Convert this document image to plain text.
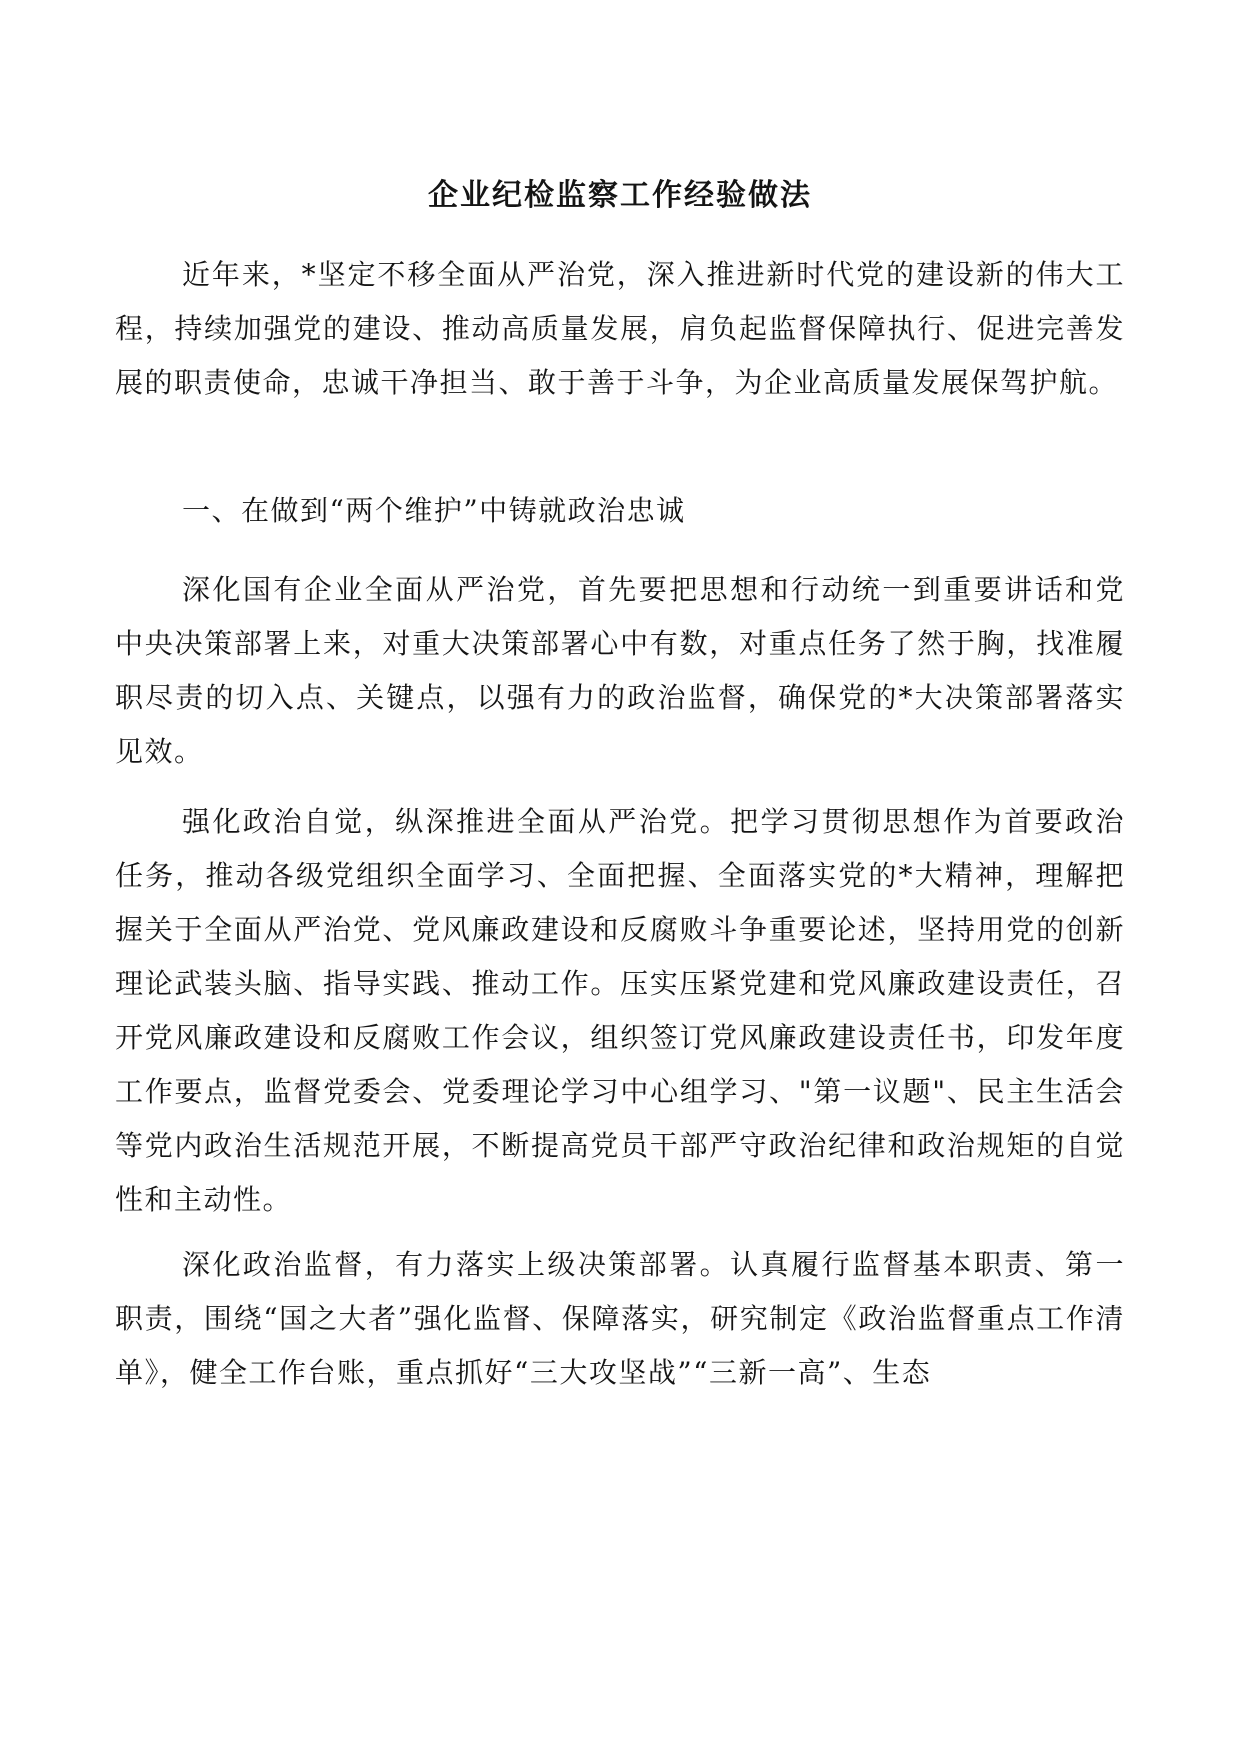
企业纪检监察工作经验做法

近年来，*坚定不移全面从严治党，深入推进新时代党的建设新的伟大工程，持续加强党的建设、推动高质量发展，肩负起监督保障执行、促进完善发展的职责使命，忠诚干净担当、敢于善于斗争，为企业高质量发展保驾护航。

一、在做到“两个维护”中铸就政治忠诚

深化国有企业全面从严治党，首先要把思想和行动统一到重要讲话和党中央决策部署上来，对重大决策部署心中有数，对重点任务了然于胸，找准履职尽责的切入点、关键点，以强有力的政治监督，确保党的*大决策部署落实见效。

强化政治自觉，纵深推进全面从严治党。把学习贯彻思想作为首要政治任务，推动各级党组织全面学习、全面把握、全面落实党的*大精神，理解把握关于全面从严治党、党风廉政建设和反腐败斗争重要论述，坚持用党的创新理论武装头脑、指导实践、推动工作。压实压紧党建和党风廉政建设责任，召开党风廉政建设和反腐败工作会议，组织签订党风廉政建设责任书，印发年度工作要点，监督党委会、党委理论学习中心组学习、"第一议题"、民主生活会等党内政治生活规范开展，不断提高党员干部严守政治纪律和政治规矩的自觉性和主动性。

深化政治监督，有力落实上级决策部署。认真履行监督基本职责、第一职责，围绕“国之大者”强化监督、保障落实，研究制定《政治监督重点工作清单》，健全工作台账，重点抓好“三大攻坚战”“三新一高”、生态
